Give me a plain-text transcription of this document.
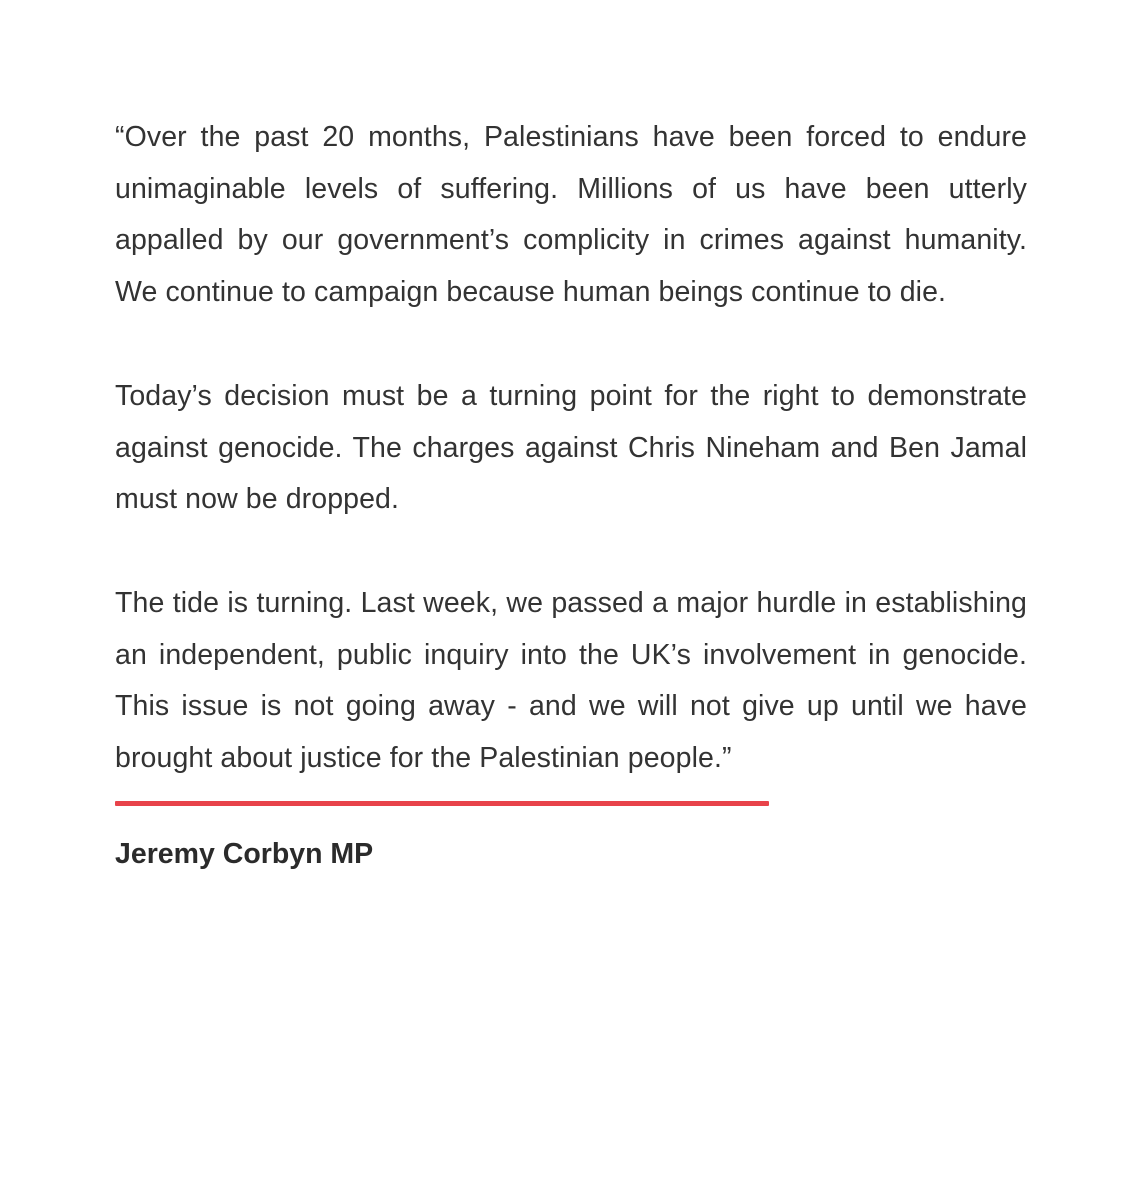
“Over the past 20 months, Palestinians have been forced to endure unimaginable levels of suffering. Millions of us have been utterly appalled by our government’s complicity in crimes against humanity. We continue to campaign because human beings continue to die.

Today’s decision must be a turning point for the right to demonstrate against genocide. The charges against Chris Nineham and Ben Jamal must now be dropped.

The tide is turning. Last week, we passed a major hurdle in establishing an independent, public inquiry into the UK’s involvement in genocide. This issue is not going away - and we will not give up until we have brought about justice for the Palestinian people.”

Jeremy Corbyn MP
